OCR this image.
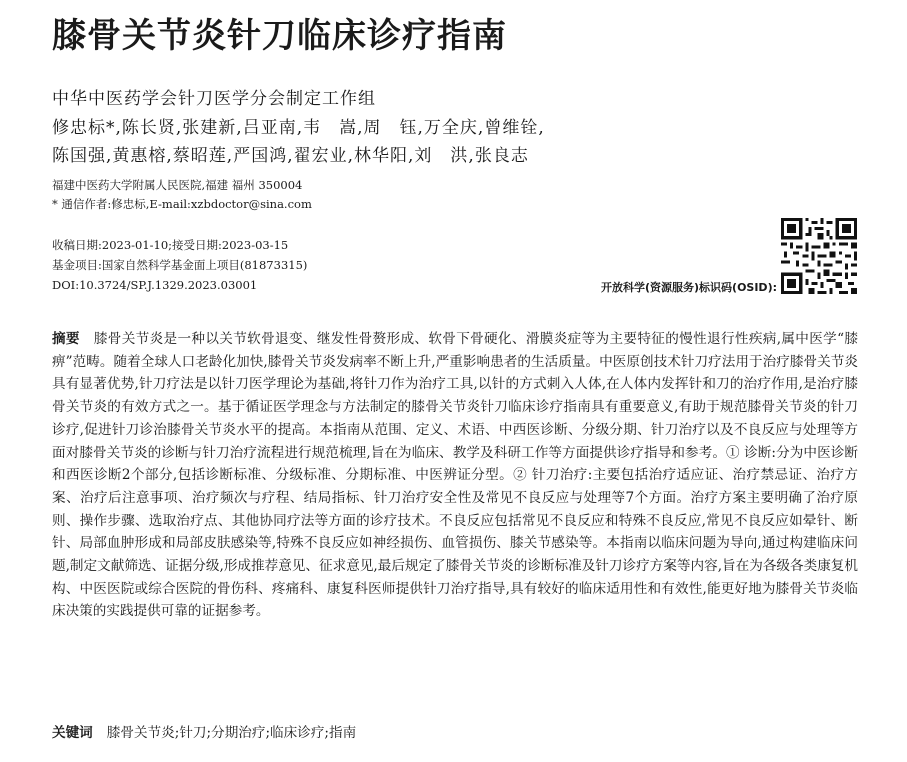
膝骨关节炎针刀临床诊疗指南
中华中医药学会针刀医学分会制定工作组
修忠标*,陈长贤,张建新,吕亚南,韦　嵩,周　钰,万全庆,曾维铨,
陈国强,黄惠榕,蔡昭莲,严国鸿,翟宏业,林华阳,刘　洪,张良志
福建中医药大学附属人民医院,福建 福州 350004
* 通信作者:修忠标,E-mail:xzbdoctor@sina.com
收稿日期:2023-01-10;接受日期:2023-03-15
基金项目:国家自然科学基金面上项目(81873315)
DOI:10.3724/SP.J.1329.2023.03001	开放科学(资源服务)标识码(OSID):
摘要 膝骨关节炎是一种以关节软骨退变、继发性骨赘形成、软骨下骨硬化、滑膜炎症等为主要特征的慢性退行性疾病,属中医学“膝痹”范畴。随着全球人口老龄化加快,膝骨关节炎发病率不断上升,严重影响患者的生活质量。中医原创技术针刀疗法用于治疗膝骨关节炎具有显著优势,针刀疗法是以针刀医学理论为基础,将针刀作为治疗工具,以针的方式刺入人体,在人体内发挥针和刀的治疗作用,是治疗膝骨关节炎的有效方式之一。基于循证医学理念与方法制定的膝骨关节炎针刀临床诊疗指南具有重要意义,有助于规范膝骨关节炎的针刀诊疗,促进针刀诊治膝骨关节炎水平的提高。本指南从范围、定义、术语、中西医诊断、分级分期、针刀治疗以及不良反应与处理等方面对膝骨关节炎的诊断与针刀治疗流程进行规范梳理,旨在为临床、教学及科研工作等方面提供诊疗指导和参考。① 诊断:分为中医诊断和西医诊断2个部分,包括诊断标准、分级标准、分期标准、中医辨证分型。② 针刀治疗:主要包括治疗适应证、治疗禁忌证、治疗方案、治疗后注意事项、治疗频次与疗程、结局指标、针刀治疗安全性及常见不良反应与处理等7个方面。治疗方案主要明确了治疗原则、操作步骤、选取治疗点、其他协同疗法等方面的诊疗技术。不良反应包括常见不良反应和特殊不良反应,常见不良反应如晕针、断针、局部血肿形成和局部皮肤感染等,特殊不良反应如神经损伤、血管损伤、膝关节感染等。本指南以临床问题为导向,通过构建临床问题,制定文献筛选、证据分级,形成推荐意见、征求意见,最后规定了膝骨关节炎的诊断标准及针刀诊疗方案等内容,旨在为各级各类康复机构、中医医院或综合医院的骨伤科、疼痛科、康复科医师提供针刀治疗指导,具有较好的临床适用性和有效性,能更好地为膝骨关节炎临床决策的实践提供可靠的证据参考。
关键词 膝骨关节炎;针刀;分期治疗;临床诊疗;指南
